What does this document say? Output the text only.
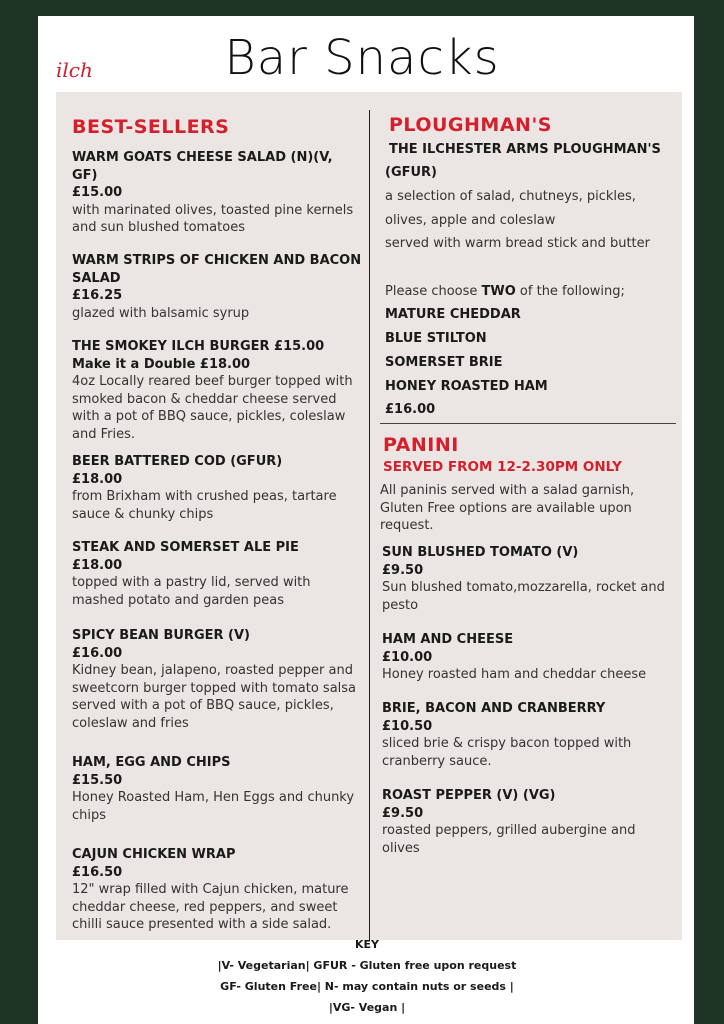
ilch	Bar Snacks
BEST-SELLERS
WARM GOATS CHEESE SALAD (N)(V, GF)
£15.00
with marinated olives, toasted pine kernels and sun blushed tomatoes
WARM STRIPS OF CHICKEN AND BACON SALAD
£16.25
glazed with balsamic syrup
THE SMOKEY ILCH BURGER £15.00
Make it a Double £18.00
4oz Locally reared beef burger topped with smoked bacon & cheddar cheese served with a pot of BBQ sauce, pickles, coleslaw and Fries.
BEER BATTERED COD (GFUR)
£18.00
from Brixham with crushed peas, tartare sauce & chunky chips
STEAK AND SOMERSET ALE PIE
£18.00
topped with a pastry lid, served with mashed potato and garden peas
SPICY BEAN BURGER (V)
£16.00
Kidney bean, jalapeno, roasted pepper and sweetcorn burger topped with tomato salsa served with a pot of BBQ sauce, pickles, coleslaw and fries
HAM, EGG AND CHIPS
£15.50
Honey Roasted Ham, Hen Eggs and chunky chips
CAJUN CHICKEN WRAP
£16.50
12" wrap filled with Cajun chicken, mature cheddar cheese, red peppers, and sweet chilli sauce presented with a side salad.
PLOUGHMAN'S
THE ILCHESTER ARMS PLOUGHMAN'S
(GFUR)
a selection of salad, chutneys, pickles,
olives, apple and coleslaw
served with warm bread stick and butter
Please choose TWO of the following;
MATURE CHEDDAR
BLUE STILTON
SOMERSET BRIE
HONEY ROASTED HAM
£16.00
PANINI
SERVED FROM 12-2.30PM ONLY
All paninis served with a salad garnish, Gluten Free options are available upon request.
SUN BLUSHED TOMATO (V)
£9.50
Sun blushed tomato,mozzarella, rocket and pesto
HAM AND CHEESE
£10.00
Honey roasted ham and cheddar cheese
BRIE, BACON AND CRANBERRY
£10.50
sliced brie & crispy bacon topped with cranberry sauce.
ROAST PEPPER (V) (VG)
£9.50
roasted peppers, grilled aubergine and olives
KEY
|V- Vegetarian| GFUR - Gluten free upon request
GF- Gluten Free| N- may contain nuts or seeds |
|VG- Vegan |
